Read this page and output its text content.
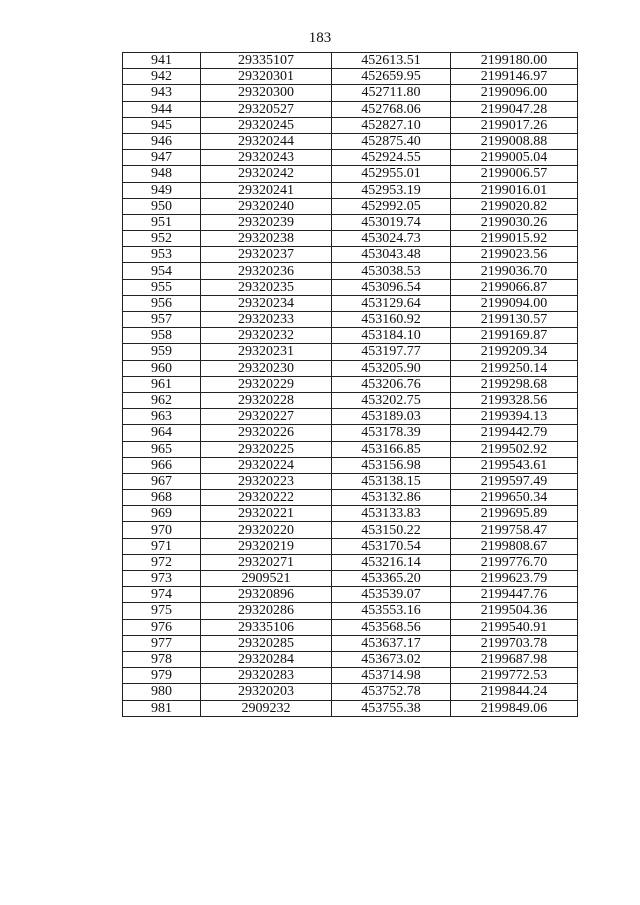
183
941	29335107	452613.51	2199180.00
942	29320301	452659.95	2199146.97
943	29320300	452711.80	2199096.00
944	29320527	452768.06	2199047.28
945	29320245	452827.10	2199017.26
946	29320244	452875.40	2199008.88
947	29320243	452924.55	2199005.04
948	29320242	452955.01	2199006.57
949	29320241	452953.19	2199016.01
950	29320240	452992.05	2199020.82
951	29320239	453019.74	2199030.26
952	29320238	453024.73	2199015.92
953	29320237	453043.48	2199023.56
954	29320236	453038.53	2199036.70
955	29320235	453096.54	2199066.87
956	29320234	453129.64	2199094.00
957	29320233	453160.92	2199130.57
958	29320232	453184.10	2199169.87
959	29320231	453197.77	2199209.34
960	29320230	453205.90	2199250.14
961	29320229	453206.76	2199298.68
962	29320228	453202.75	2199328.56
963	29320227	453189.03	2199394.13
964	29320226	453178.39	2199442.79
965	29320225	453166.85	2199502.92
966	29320224	453156.98	2199543.61
967	29320223	453138.15	2199597.49
968	29320222	453132.86	2199650.34
969	29320221	453133.83	2199695.89
970	29320220	453150.22	2199758.47
971	29320219	453170.54	2199808.67
972	29320271	453216.14	2199776.70
973	2909521	453365.20	2199623.79
974	29320896	453539.07	2199447.76
975	29320286	453553.16	2199504.36
976	29335106	453568.56	2199540.91
977	29320285	453637.17	2199703.78
978	29320284	453673.02	2199687.98
979	29320283	453714.98	2199772.53
980	29320203	453752.78	2199844.24
981	2909232	453755.38	2199849.06
